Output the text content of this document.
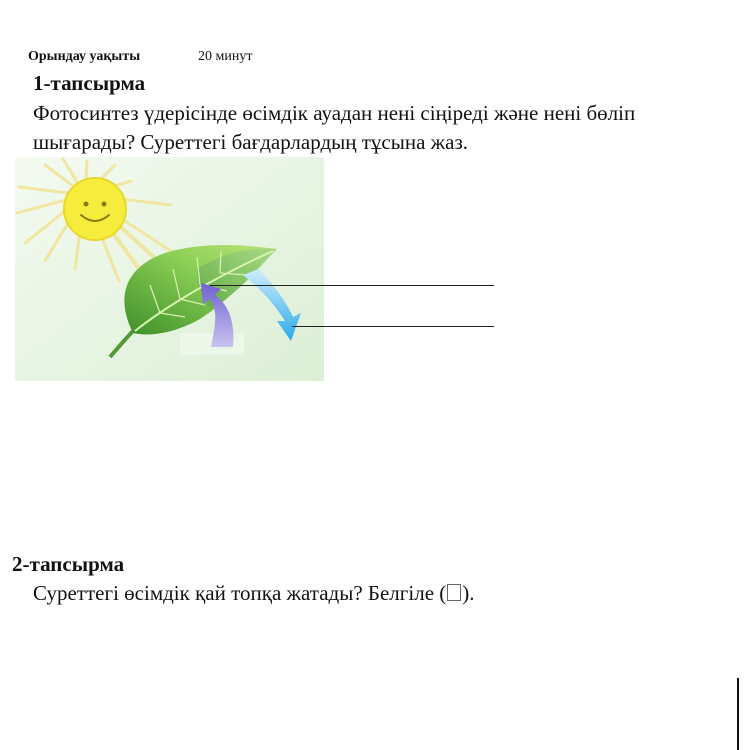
Орындау уақыты	20 минут
1-тапсырма
Фотосинтез үдерісінде өсімдік ауадан нені сіңіреді және нені бөліп шығарады? Суреттегі бағдарлардың тұсына жаз.
2-тапсырма
Суреттегі өсімдік қай топқа жатады? Белгіле ( ).
